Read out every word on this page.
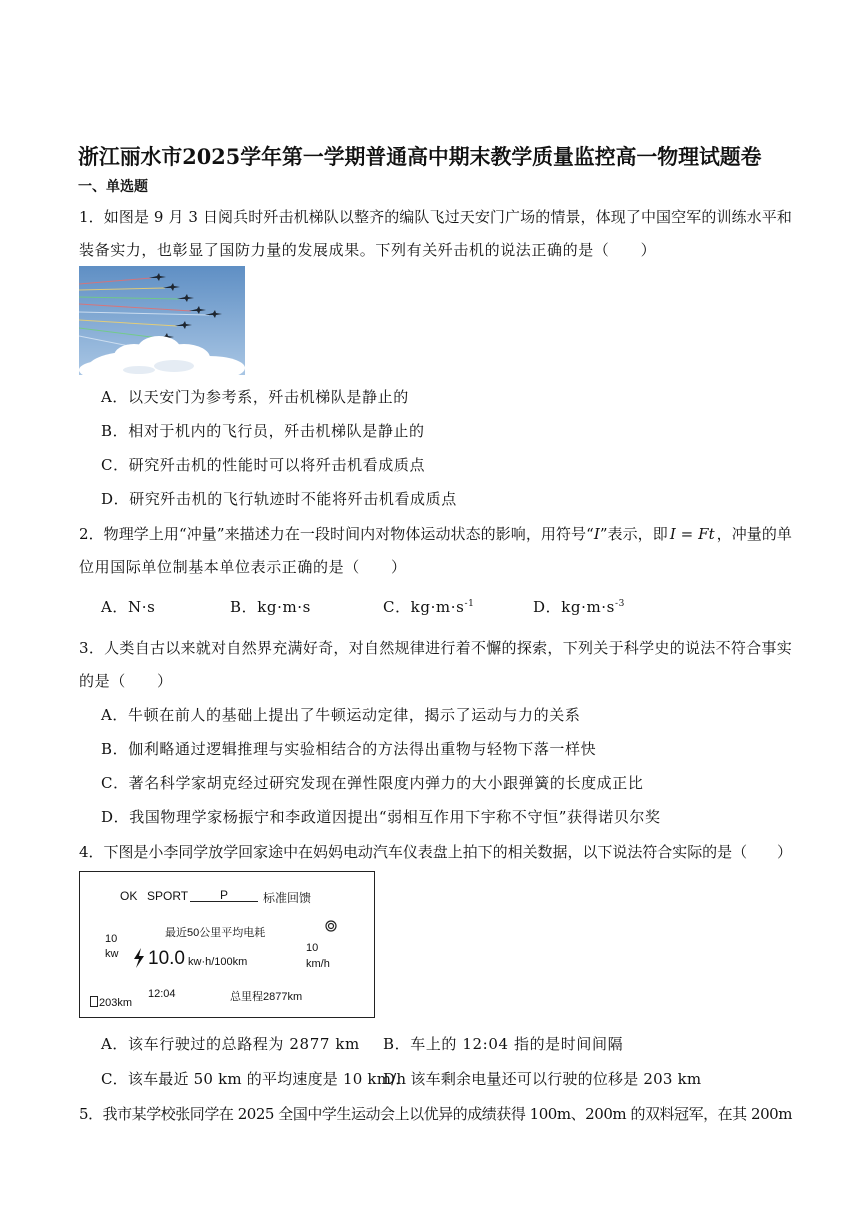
浙江丽水市2025学年第一学期普通高中期末教学质量监控高一物理试题卷
一、单选题
1．如图是 9 月 3 日阅兵时歼击机梯队以整齐的编队飞过天安门广场的情景，体现了中国空军的训练水平和
装备实力，也彰显了国防力量的发展成果。下列有关歼击机的说法正确的是（　　）
A．以天安门为参考系，歼击机梯队是静止的
B．相对于机内的飞行员，歼击机梯队是静止的
C．研究歼击机的性能时可以将歼击机看成质点
D．研究歼击机的飞行轨迹时不能将歼击机看成质点
2．物理学上用“冲量”来描述力在一段时间内对物体运动状态的影响，用符号“I”表示，即 I = Ft ，冲量的单
位用国际单位制基本单位表示正确的是（　　）
A．N·s	B．kg·m·s	C．$kg\cdot m\cdot s^{-1}$	D．$kg\cdot m\cdot s^{-3}$
3．人类自古以来就对自然界充满好奇，对自然规律进行着不懈的探索，下列关于科学史的说法不符合事实
的是（　　）
A．牛顿在前人的基础上提出了牛顿运动定律，揭示了运动与力的关系
B．伽利略通过逻辑推理与实验相结合的方法得出重物与轻物下落一样快
C．著名科学家胡克经过研究发现在弹性限度内弹力的大小跟弹簧的长度成正比
D．我国物理学家杨振宁和李政道因提出“弱相互作用下宇称不守恒”获得诺贝尔奖
4．下图是小李同学放学回家途中在妈妈电动汽车仪表盘上拍下的相关数据，以下说法符合实际的是（　　）
OK SPORT	P	标准回馈
最近50公里平均电耗
10
kw 10.0 kw·h/100km
10
km/h
203km
12:04	总里程2877km
A．该车行驶过的总路程为 2877 km B．车上的 12:04 指的是时间间隔
C．该车最近 50 km 的平均速度是 10 km/h
D．该车剩余电量还可以行驶的位移是 203 km
5．我市某学校张同学在 2025 全国中学生运动会上以优异的成绩获得 100m、200m 的双料冠军，在其 200m
